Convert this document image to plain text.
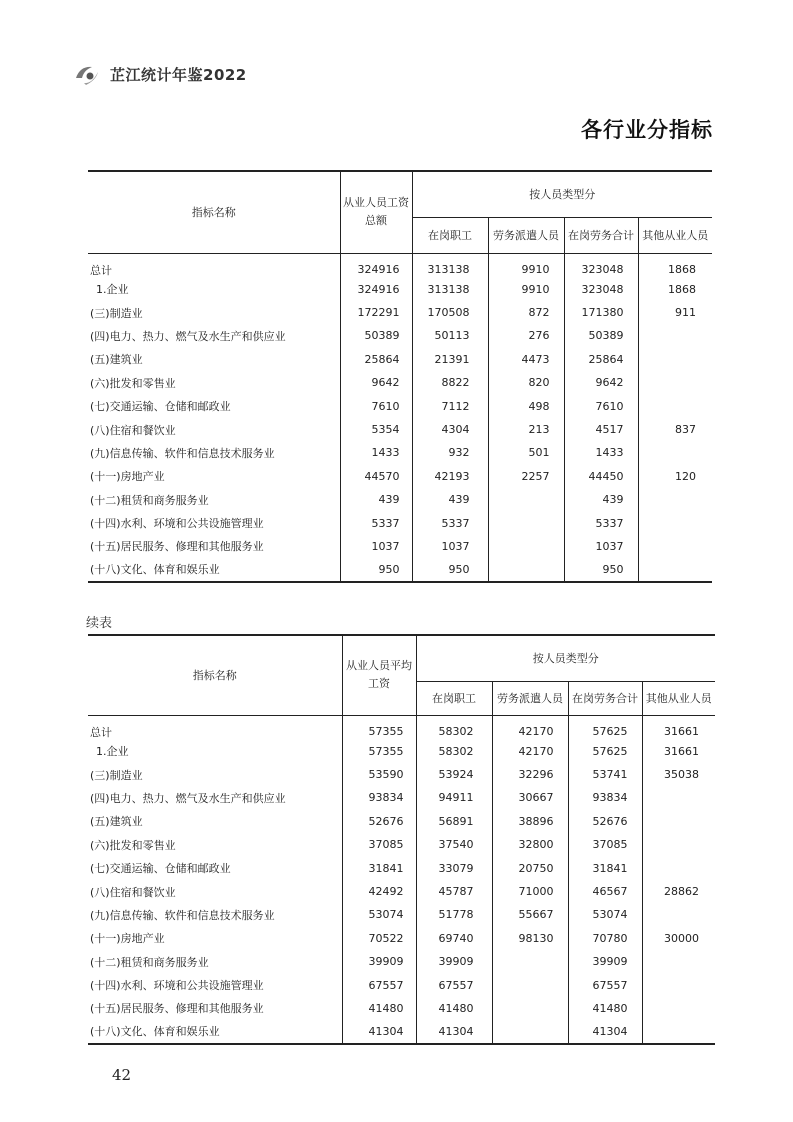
芷江统计年鉴2022
各行业分指标
指标名称	从业人员工资
总额	按人员类型分			
		在岗职工	劳务派遣人员	在岗劳务合计	其他从业人员
总计	324916	313138	9910	323048	1868
1.企业	324916	313138	9910	323048	1868
(三)制造业	172291	170508	872	171380	911
(四)电力、热力、燃气及水生产和供应业	50389	50113	276	50389	
(五)建筑业	25864	21391	4473	25864	
(六)批发和零售业	9642	8822	820	9642	
(七)交通运输、仓储和邮政业	7610	7112	498	7610	
(八)住宿和餐饮业	5354	4304	213	4517	837
(九)信息传输、软件和信息技术服务业	1433	932	501	1433	
(十一)房地产业	44570	42193	2257	44450	120
(十二)租赁和商务服务业	439	439		439	
(十四)水利、环境和公共设施管理业	5337	5337		5337	
(十五)居民服务、修理和其他服务业	1037	1037		1037	
(十八)文化、体育和娱乐业	950	950		950	
续表
指标名称	从业人员平均
工资	按人员类型分			
		在岗职工	劳务派遣人员	在岗劳务合计	其他从业人员
总计	57355	58302	42170	57625	31661
1.企业	57355	58302	42170	57625	31661
(三)制造业	53590	53924	32296	53741	35038
(四)电力、热力、燃气及水生产和供应业	93834	94911	30667	93834	
(五)建筑业	52676	56891	38896	52676	
(六)批发和零售业	37085	37540	32800	37085	
(七)交通运输、仓储和邮政业	31841	33079	20750	31841	
(八)住宿和餐饮业	42492	45787	71000	46567	28862
(九)信息传输、软件和信息技术服务业	53074	51778	55667	53074	
(十一)房地产业	70522	69740	98130	70780	30000
(十二)租赁和商务服务业	39909	39909		39909	
(十四)水利、环境和公共设施管理业	67557	67557		67557	
(十五)居民服务、修理和其他服务业	41480	41480		41480	
(十八)文化、体育和娱乐业	41304	41304		41304	
42
